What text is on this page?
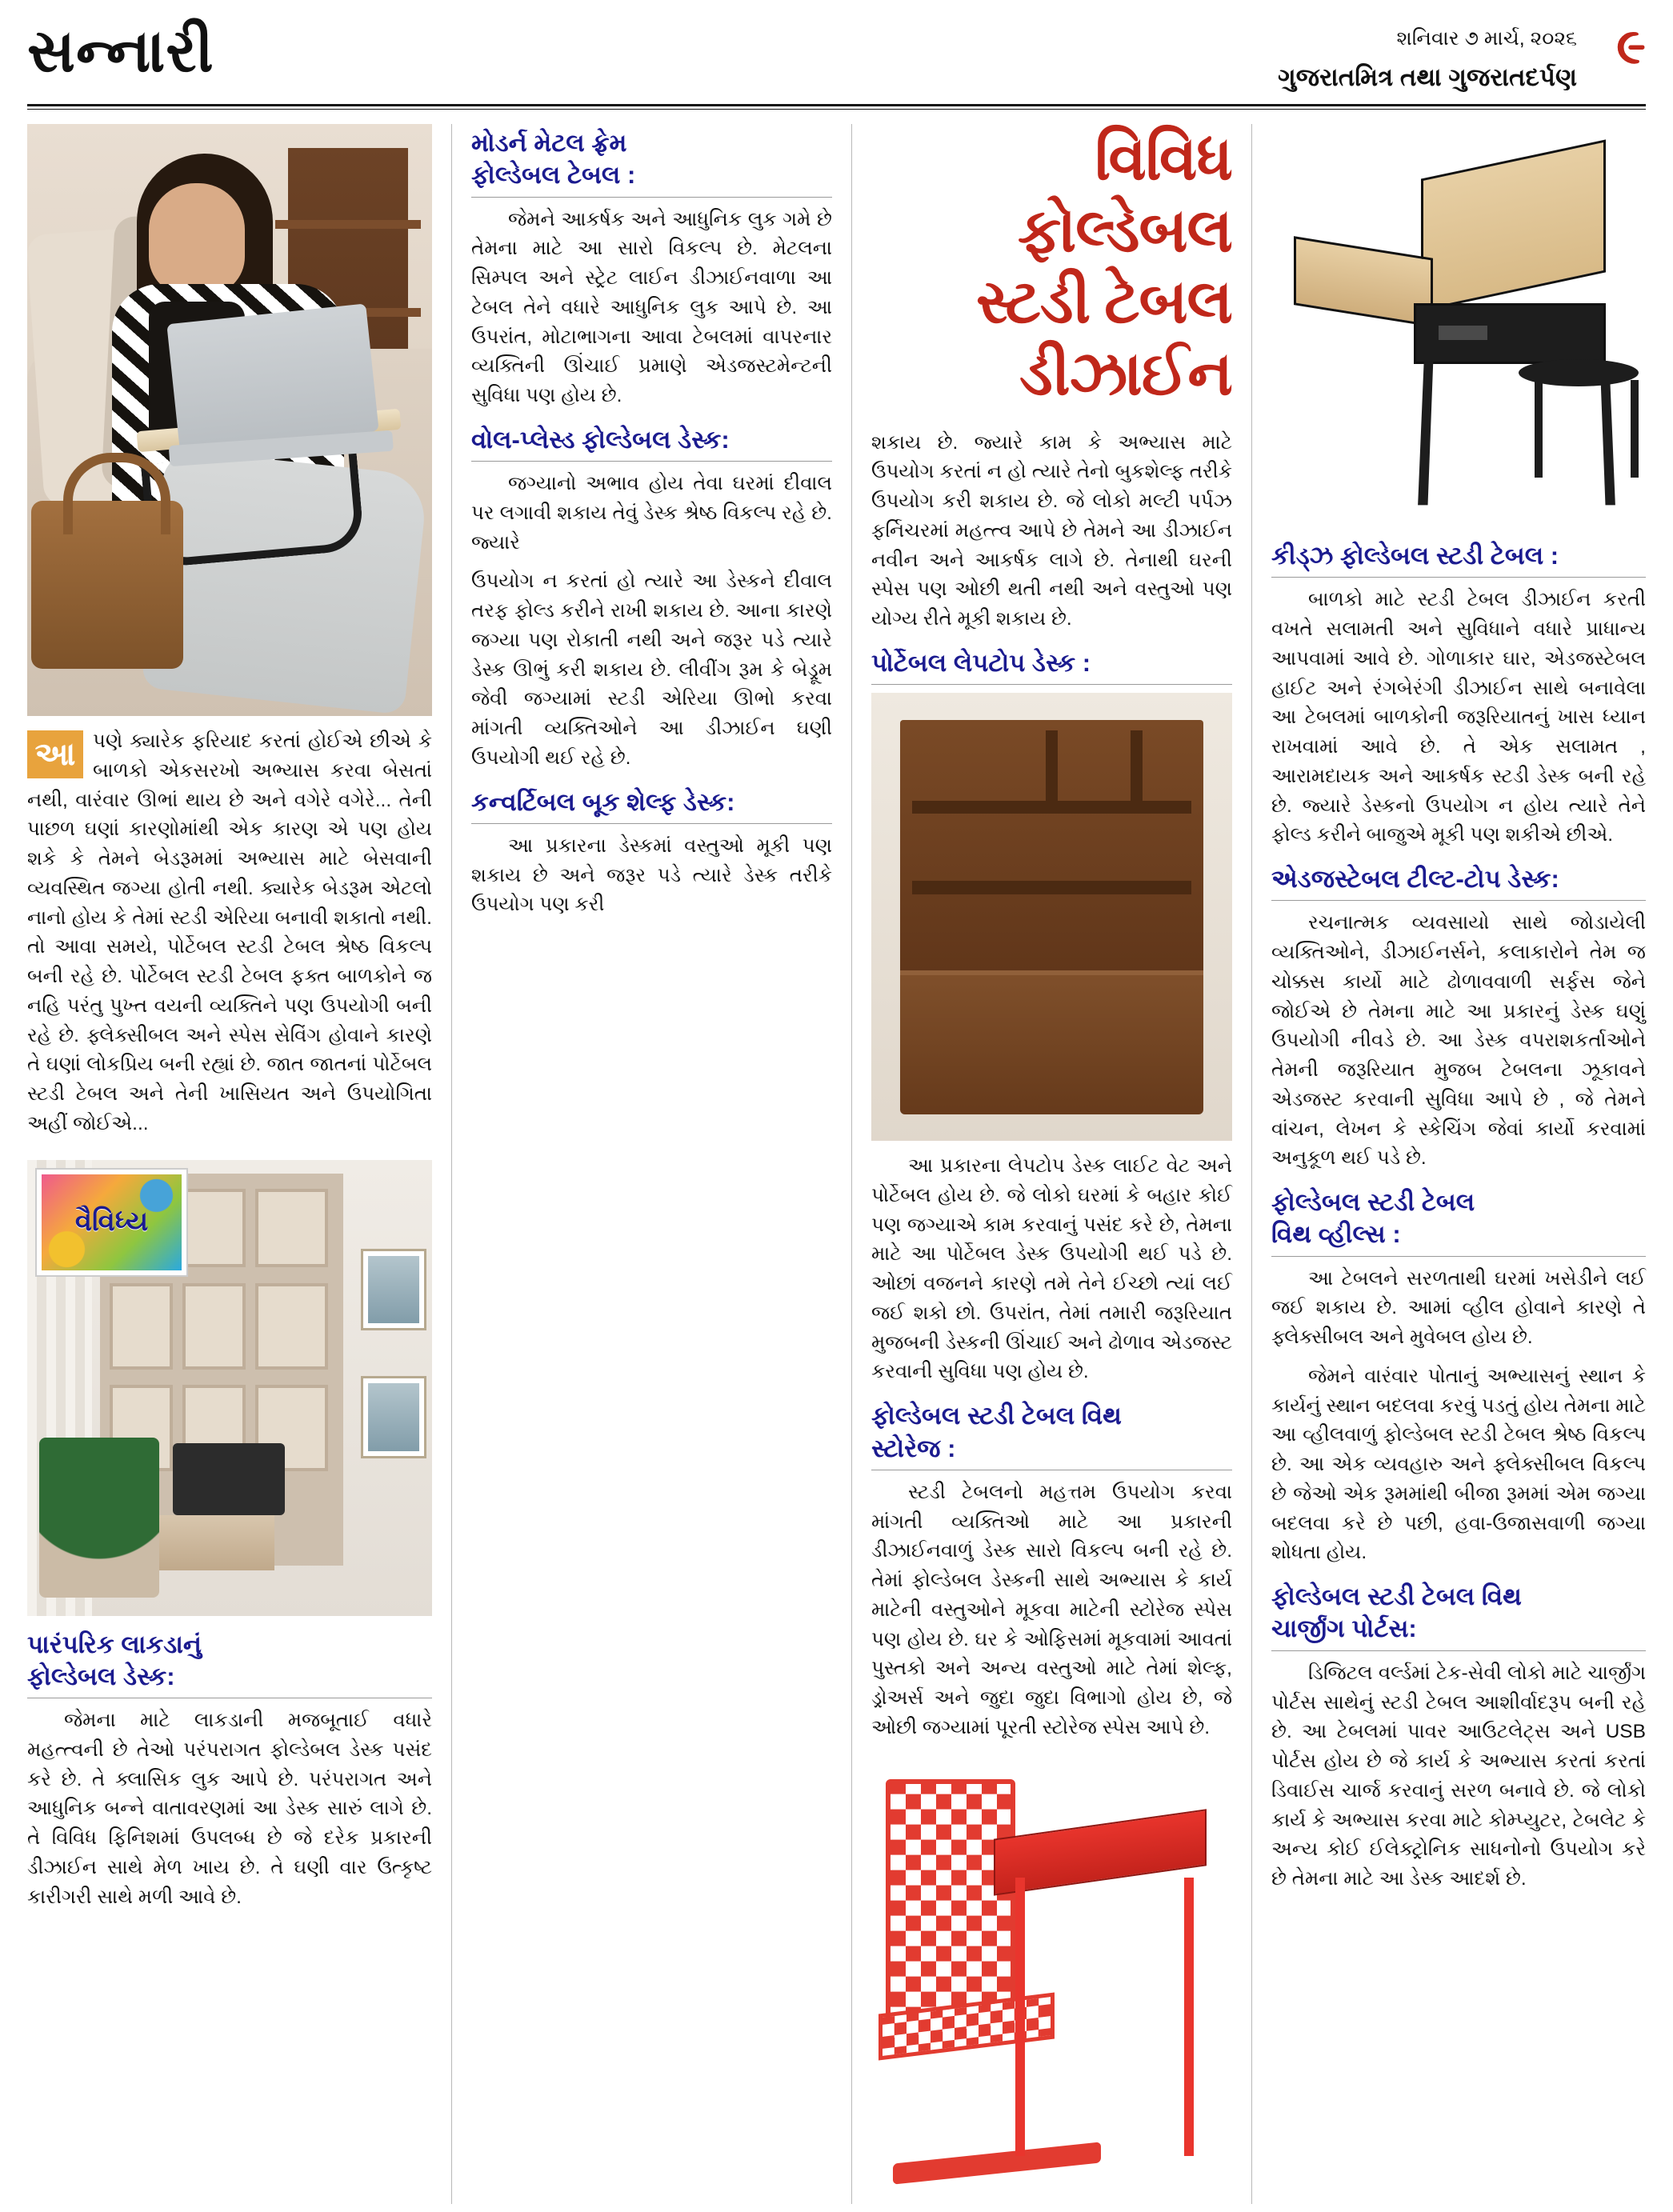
સન્નારી	શનિવાર ૭ માર્ચ, ૨૦૨૬
ગુજરાતમિત્ર તથા ગુજરાતદર્પણ
૯
આ પણે ક્યારેક ફરિયાદ કરતાં હોઈએ છીએ કે બાળકો એકસરખો અભ્યાસ કરવા બેસતાં નથી, વારંવાર ઊભાં થાય છે અને વગેરે વગેરે... તેની પાછળ ઘણાં કારણોમાંથી એક કારણ એ પણ હોય શકે કે તેમને બેડરૂમમાં અભ્યાસ માટે બેસવાની વ્યવસ્થિત જગ્યા હોતી નથી. ક્યારેક બેડરૂમ એટલો નાનો હોય કે તેમાં સ્ટડી એરિયા બનાવી શકાતો નથી. તો આવા સમયે, પોર્ટેબલ સ્ટડી ટેબલ શ્રેષ્ઠ વિકલ્પ બની રહે છે. પોર્ટેબલ સ્ટડી ટેબલ ફક્ત બાળકોને જ નહિ પરંતુ પુખ્ત વયની વ્યક્તિને પણ ઉપયોગી બની રહે છે. ફ્લેક્સીબલ અને સ્પેસ સેવિંગ હોવાને કારણે તે ઘણાં લોકપ્રિય બની રહ્યાં છે. જાત જાતનાં પોર્ટેબલ સ્ટડી ટેબલ અને તેની ખાસિયત અને ઉપયોગિતા અહીં જોઈએ...

વૈવિધ્ય
પારંપરિક લાકડાનું
ફોલ્ડેબલ ડેસ્ક:

જેમના માટે લાકડાની મજબૂતાઈ વધારે મહત્ત્વની છે તેઓ પરંપરાગત ફોલ્ડેબલ ડેસ્ક પસંદ કરે છે. તે ક્લાસિક લુક આપે છે. પરંપરાગત અને આધુનિક બન્ને વાતાવરણમાં આ ડેસ્ક સારું લાગે છે. તે વિવિધ ફિનિશમાં ઉપલબ્ધ છે જે દરેક પ્રકારની ડીઝાઈન સાથે મેળ ખાય છે. તે ઘણી વાર ઉત્કૃષ્ટ કારીગરી સાથે મળી આવે છે.

મોડર્ન મેટલ ફ્રેમ
ફોલ્ડેબલ ટેબલ :

જેમને આકર્ષક અને આધુનિક લુક ગમે છે તેમના માટે આ સારો વિકલ્પ છે. મેટલના સિમ્પલ અને સ્ટ્રેટ લાઈન ડીઝાઈનવાળા આ ટેબલ તેને વધારે આધુનિક લુક આપે છે. આ ઉપરાંત, મોટાભાગના આવા ટેબલમાં વાપરનાર વ્યક્તિની ઊંચાઈ પ્રમાણે એડજસ્ટમેન્ટની સુવિધા પણ હોય છે.

વોલ-પ્લેસ્ડ ફોલ્ડેબલ ડેસ્ક:

જગ્યાનો અભાવ હોય તેવા ઘરમાં દીવાલ પર લગાવી શકાય તેવું ડેસ્ક શ્રેષ્ઠ વિકલ્પ રહે છે. જ્યારે

ઉપયોગ ન કરતાં હો ત્યારે આ ડેસ્કને દીવાલ તરફ ફોલ્ડ કરીને રાખી શકાય છે. આના કારણે જગ્યા પણ રોકાતી નથી અને જરૂર પડે ત્યારે ડેસ્ક ઊભું કરી શકાય છે. લીવીંગ રૂમ કે બેડ્રૂમ જેવી જગ્યામાં સ્ટડી એરિયા ઊભો કરવા માંગતી વ્યક્તિઓને આ ડીઝાઈન ઘણી ઉપયોગી થઈ રહે છે.

કન્વર્ટિબલ બૂક શેલ્ફ ડેસ્ક:

આ પ્રકારના ડેસ્કમાં વસ્તુઓ મૂકી પણ શકાય છે અને જરૂર પડે ત્યારે ડેસ્ક તરીકે ઉપયોગ પણ કરી

વિવિધ ફોલ્ડેબલ
સ્ટડી ટેબલ ડીઝાઈન

શકાય છે. જ્યારે કામ કે અભ્યાસ માટે ઉપયોગ કરતાં ન હો ત્યારે તેનો બુકશેલ્ફ તરીકે ઉપયોગ કરી શકાય છે. જે લોકો મલ્ટી પર્પઝ ફર્નિચરમાં મહત્ત્વ આપે છે તેમને આ ડીઝાઈન નવીન અને આકર્ષક લાગે છે. તેનાથી ઘરની સ્પેસ પણ ઓછી થતી નથી અને વસ્તુઓ પણ યોગ્ય રીતે મૂકી શકાય છે.

પોર્ટેબલ લેપટોપ ડેસ્ક :

આ પ્રકારના લેપટોપ ડેસ્ક લાઈટ વેટ અને પોર્ટેબલ હોય છે. જે લોકો ઘરમાં કે બહાર કોઈ પણ જગ્યાએ કામ કરવાનું પસંદ કરે છે, તેમના માટે આ પોર્ટેબલ ડેસ્ક ઉપયોગી થઈ પડે છે. ઓછાં વજનને કારણે તમે તેને ઈચ્છો ત્યાં લઈ જઈ શકો છો. ઉપરાંત, તેમાં તમારી જરૂરિયાત મુજબની ડેસ્કની ઊંચાઈ અને ઢોળાવ એડજસ્ટ કરવાની સુવિધા પણ હોય છે.

ફોલ્ડેબલ સ્ટડી ટેબલ વિથ
સ્ટોરેજ :

સ્ટડી ટેબલનો મહત્તમ ઉપયોગ કરવા માંગતી વ્યક્તિઓ માટે આ પ્રકારની ડીઝાઈનવાળું ડેસ્ક સારો વિકલ્પ બની રહે છે. તેમાં ફોલ્ડેબલ ડેસ્કની સાથે અભ્યાસ કે કાર્ય માટેની વસ્તુઓને મૂકવા માટેની સ્ટોરેજ સ્પેસ પણ હોય છે. ઘર કે ઓફિસમાં મૂકવામાં આવતાં પુસ્તકો અને અન્ય વસ્તુઓ માટે તેમાં શેલ્ફ, ડ્રોઅર્સ અને જુદા જુદા વિભાગો હોય છે, જે ઓછી જગ્યામાં પૂરતી સ્ટોરેજ સ્પેસ આપે છે.

કીડ્ઝ ફોલ્ડેબલ સ્ટડી ટેબલ :

બાળકો માટે સ્ટડી ટેબલ ડીઝાઈન કરતી વખતે સલામતી અને સુવિધાને વધારે પ્રાધાન્ય આપવામાં આવે છે. ગોળાકાર ઘાર, એડજસ્ટેબલ હાઈટ અને રંગબેરંગી ડીઝાઈન સાથે બનાવેલા આ ટેબલમાં બાળકોની જરૂરિયાતનું ખાસ ધ્યાન રાખવામાં આવે છે. તે એક સલામત , આરામદાયક અને આકર્ષક સ્ટડી ડેસ્ક બની રહે છે. જ્યારે ડેસ્કનો ઉપયોગ ન હોય ત્યારે તેને ફોલ્ડ કરીને બાજુએ મૂકી પણ શકીએ છીએ.

એડજસ્ટેબલ ટીલ્ટ-ટોપ ડેસ્ક:

રચનાત્મક વ્યવસાયો સાથે જોડાયેલી વ્યક્તિઓને, ડીઝાઈનર્સને, કલાકારોને તેમ જ ચોક્કસ કાર્યો માટે ઢોળાવવાળી સર્ફસ જેને જોઈએ છે તેમના માટે આ પ્રકારનું ડેસ્ક ઘણું ઉપયોગી નીવડે છે. આ ડેસ્ક વપરાશકર્તાઓને તેમની જરૂરિયાત મુજબ ટેબલના ઝૂકાવને એડજસ્ટ કરવાની સુવિધા આપે છે , જે તેમને વાંચન, લેખન કે સ્કેચિંગ જેવાં કાર્યો કરવામાં અનુકૂળ થઈ પડે છે.

ફોલ્ડેબલ સ્ટડી ટેબલ
વિથ વ્હીલ્સ :

આ ટેબલને સરળતાથી ઘરમાં ખસેડીને લઈ જઈ શકાય છે. આમાં વ્હીલ હોવાને કારણે તે ફ્લેક્સીબલ અને મુવેબલ હોય છે.

જેમને વારંવાર પોતાનું અભ્યાસનું સ્થાન કે કાર્યનું સ્થાન બદલવા કરવું પડતું હોય તેમના માટે આ વ્હીલવાળું ફોલ્ડેબલ સ્ટડી ટેબલ શ્રેષ્ઠ વિકલ્પ છે. આ એક વ્યવહારુ અને ફ્લેક્સીબલ વિકલ્પ છે જેઓ એક રૂમમાંથી બીજા રૂમમાં એમ જગ્યા બદલવા કરે છે પછી, હવા-ઉજાસવાળી જગ્યા શોધતા હોય.

ફોલ્ડેબલ સ્ટડી ટેબલ વિથ
ચાર્જીંગ પોર્ટસ:

ડિજિટલ વર્લ્ડમાં ટેક-સેવી લોકો માટે ચાર્જીંગ પોર્ટસ સાથેનું સ્ટડી ટેબલ આશીર્વાદરૂપ બની રહે છે. આ ટેબલમાં પાવર આઉટલેટ્સ અને USB પોર્ટસ હોય છે જે કાર્ય કે અભ્યાસ કરતાં કરતાં ડિવાઈસ ચાર્જ કરવાનું સરળ બનાવે છે. જે લોકો કાર્ય કે અભ્યાસ કરવા માટે કોમ્પ્યુટર, ટેબલેટ કે અન્ય કોઈ ઈલેક્ટ્રોનિક સાધનોનો ઉપયોગ કરે છે તેમના માટે આ ડેસ્ક આદર્શ છે.
